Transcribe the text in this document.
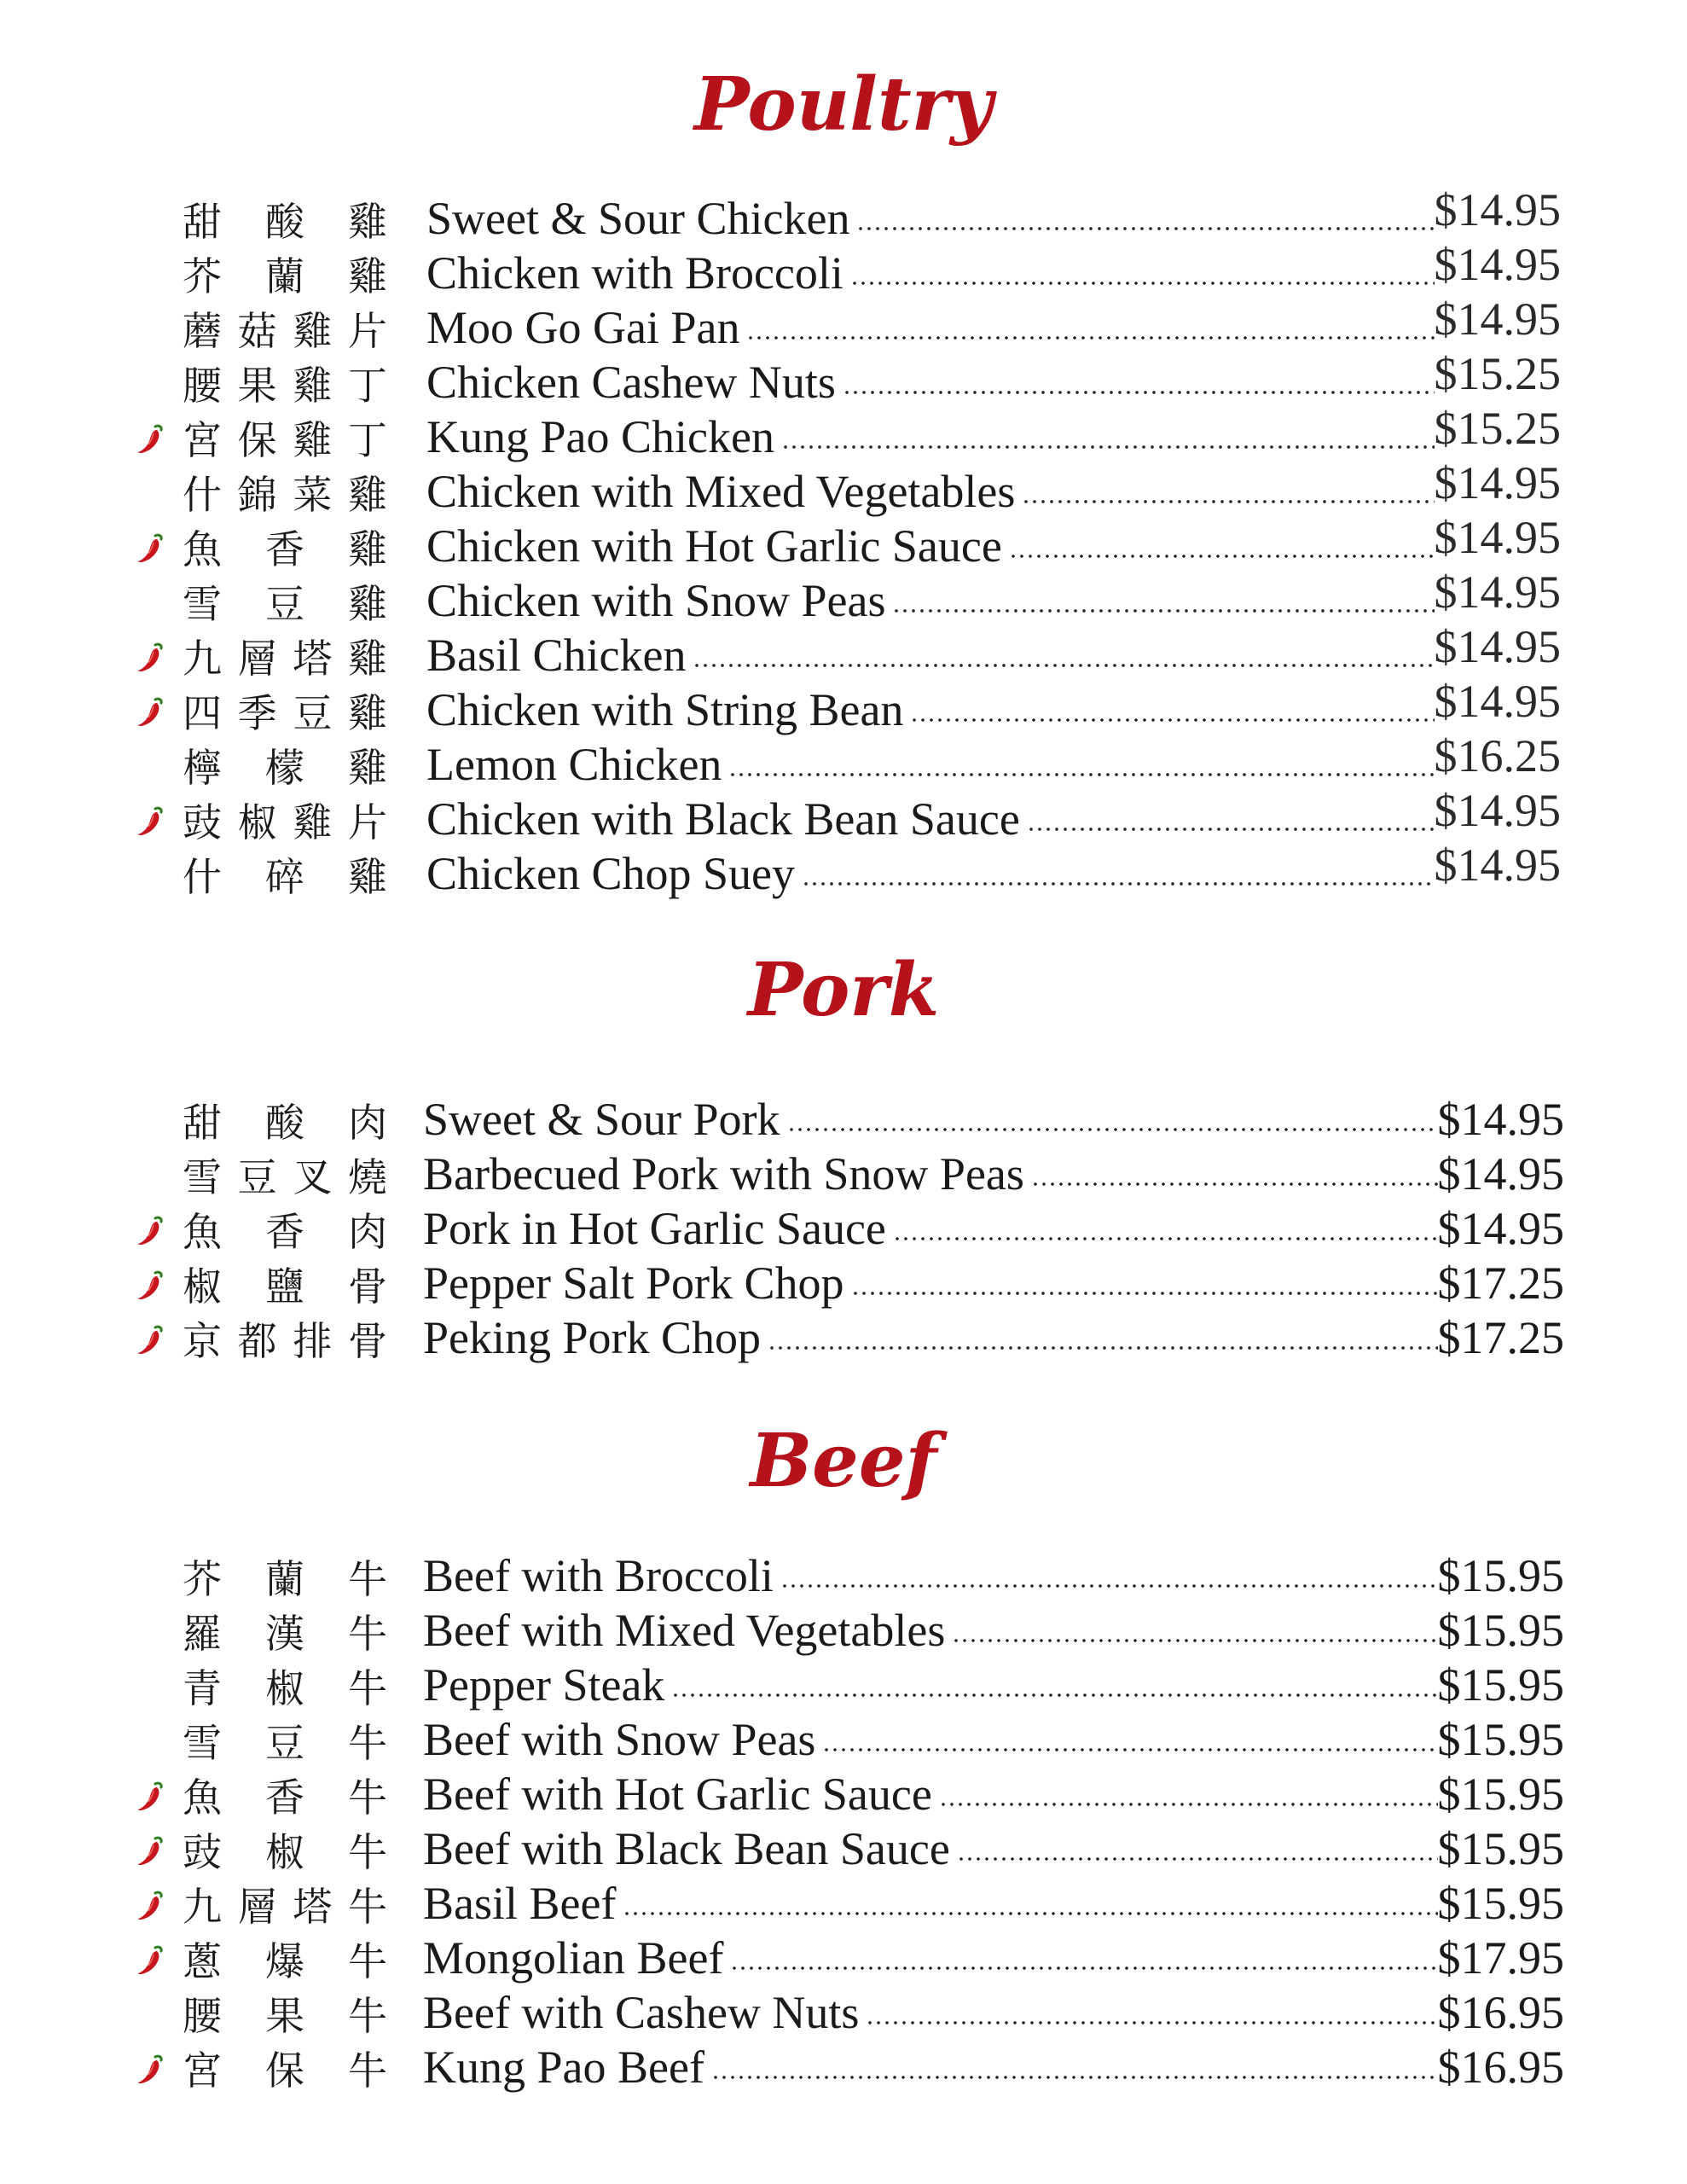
Poultry
甜 酸 雞 Sweet & Sour Chicken	$14.95
芥 蘭 雞 Chicken with Broccoli	$14.95
蘑 菇 雞 片 Moo Go Gai Pan	$14.95
腰 果 雞 丁 Chicken Cashew Nuts	$15.25
宮 保 雞 丁 Kung Pao Chicken	$15.25
什 錦 菜 雞 Chicken with Mixed Vegetables	$14.95
魚 香 雞 Chicken with Hot Garlic Sauce	$14.95
雪 豆 雞 Chicken with Snow Peas	$14.95
九 層 塔 雞 Basil Chicken	$14.95
四 季 豆 雞 Chicken with String Bean	$14.95
檸 檬 雞 Lemon Chicken	$16.25
豉 椒 雞 片 Chicken with Black Bean Sauce	$14.95
什 碎 雞 Chicken Chop Suey	$14.95
Pork
甜 酸 肉 Sweet & Sour Pork	$14.95
雪 豆 叉 燒 Barbecued Pork with Snow Peas	$14.95
魚 香 肉 Pork in Hot Garlic Sauce	$14.95
椒 鹽 骨 Pepper Salt Pork Chop	$17.25
京 都 排 骨 Peking Pork Chop	$17.25
Beef
芥 蘭 牛 Beef with Broccoli	$15.95
羅 漢 牛 Beef with Mixed Vegetables	$15.95
青 椒 牛 Pepper Steak	$15.95
雪 豆 牛 Beef with Snow Peas	$15.95
魚 香 牛 Beef with Hot Garlic Sauce	$15.95
豉 椒 牛 Beef with Black Bean Sauce	$15.95
九 層 塔 牛 Basil Beef	$15.95
蔥 爆 牛 Mongolian Beef	$17.95
腰 果 牛 Beef with Cashew Nuts	$16.95
宮 保 牛 Kung Pao Beef	$16.95
